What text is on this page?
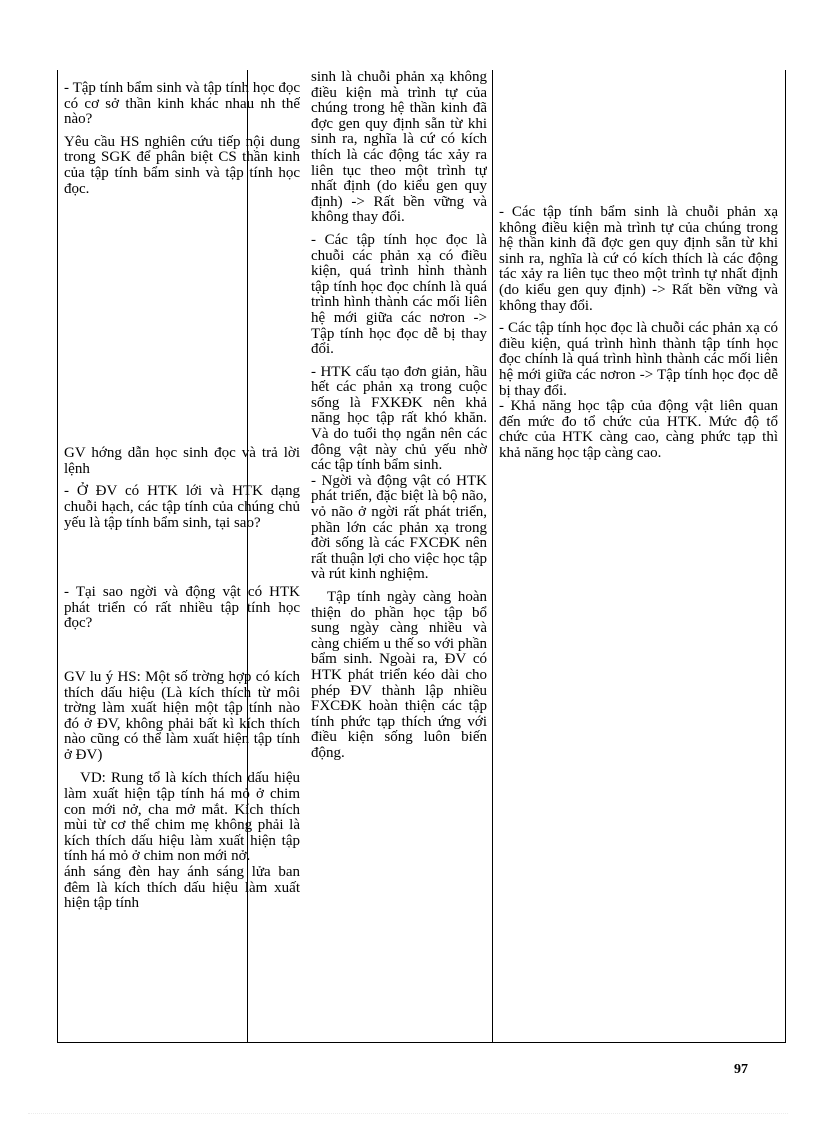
- Tập tính bẩm sinh và tập tính học đọc có cơ sở thần kinh khác nhau nh thế nào?

Yêu cầu HS nghiên cứu tiếp nội dung trong SGK để phân biệt CS thần kinh của tập tính bẩm sinh và tập tính học đọc.

GV hớng dẫn học sinh đọc và trả lời lệnh

- Ở ĐV có HTK lới và HTK dạng chuỗi hạch, các tập tính của chúng chủ yếu là tập tính bẩm sinh, tại sao?

- Tại sao ngời và động vật có HTK phát triển có rất nhiều tập tính học đọc?

GV lu ý HS: Một số trờng hợp có kích thích dấu hiệu (Là kích thích từ môi trờng làm xuất hiện một tập tính nào đó ở ĐV, không phải bất kì kích thích nào cũng có thể làm xuất hiện tập tính ở ĐV)

VD: Rung tổ là kích thích dấu hiệu làm xuất hiện tập tính há mỏ ở chim con mới nở, cha mở mắt. Kích thích mùi từ cơ thể chim mẹ không phải là kích thích dấu hiệu làm xuất hiện tập tính há mỏ ở chim non mới nở.

ánh sáng đèn hay ánh sáng lửa ban đêm là kích thích dấu hiệu làm xuất hiện tập tính

sinh là chuỗi phản xạ không điều kiện mà trình tự của chúng trong hệ thần kinh đã đợc gen quy định sẵn từ khi sinh ra, nghĩa là cứ có kích thích là các động tác xảy ra liên tục theo một trình tự nhất định (do kiểu gen quy định) -> Rất bền vững và không thay đổi.

- Các tập tính học đọc là chuỗi các phản xạ có điều kiện, quá trình hình thành tập tính học đọc chính là quá trình hình thành các mối liên hệ mới giữa các nơron -> Tập tính học đọc dễ bị thay đổi.

- HTK cấu tạo đơn giản, hầu hết các phản xạ trong cuộc sống là FXKĐK nên khả năng học tập rất khó khăn. Và do tuổi thọ ngắn nên các đông vật này chủ yếu nhờ các tập tính bẩm sinh.

- Ngời và động vật có HTK phát triển, đặc biệt là bộ não, vỏ não ở ngời rất phát triển, phần lớn các phản xạ trong đời sống là các FXCĐK nên rất thuận lợi cho việc học tập và rút kinh nghiệm.

Tập tính ngày càng hoàn thiện do phần học tập bổ sung ngày càng nhiều và càng chiếm u thế so với phần bẩm sinh. Ngoài ra, ĐV có HTK phát triển kéo dài cho phép ĐV thành lập nhiều FXCĐK hoàn thiện các tập tính phức tạp thích ứng với điều kiện sống luôn biến động.

- Các tập tính bẩm sinh là chuỗi phản xạ không điều kiện mà trình tự của chúng trong hệ thần kinh đã đợc gen quy định sẵn từ khi sinh ra, nghĩa là cứ có kích thích là các động tác xảy ra liên tục theo một trình tự nhất định (do kiểu gen quy định) -> Rất bền vững và không thay đổi.

- Các tập tính học đọc là chuỗi các phản xạ có điều kiện, quá trình hình thành tập tính học đọc chính là quá trình hình thành các mối liên hệ mới giữa các nơron -> Tập tính học đọc dễ bị thay đổi.

- Khả năng học tập của động vật liên quan đến mức đo tổ chức của HTK. Mức độ tổ chức của HTK càng cao, càng phức tạp thì khả năng học tập càng cao.

97
